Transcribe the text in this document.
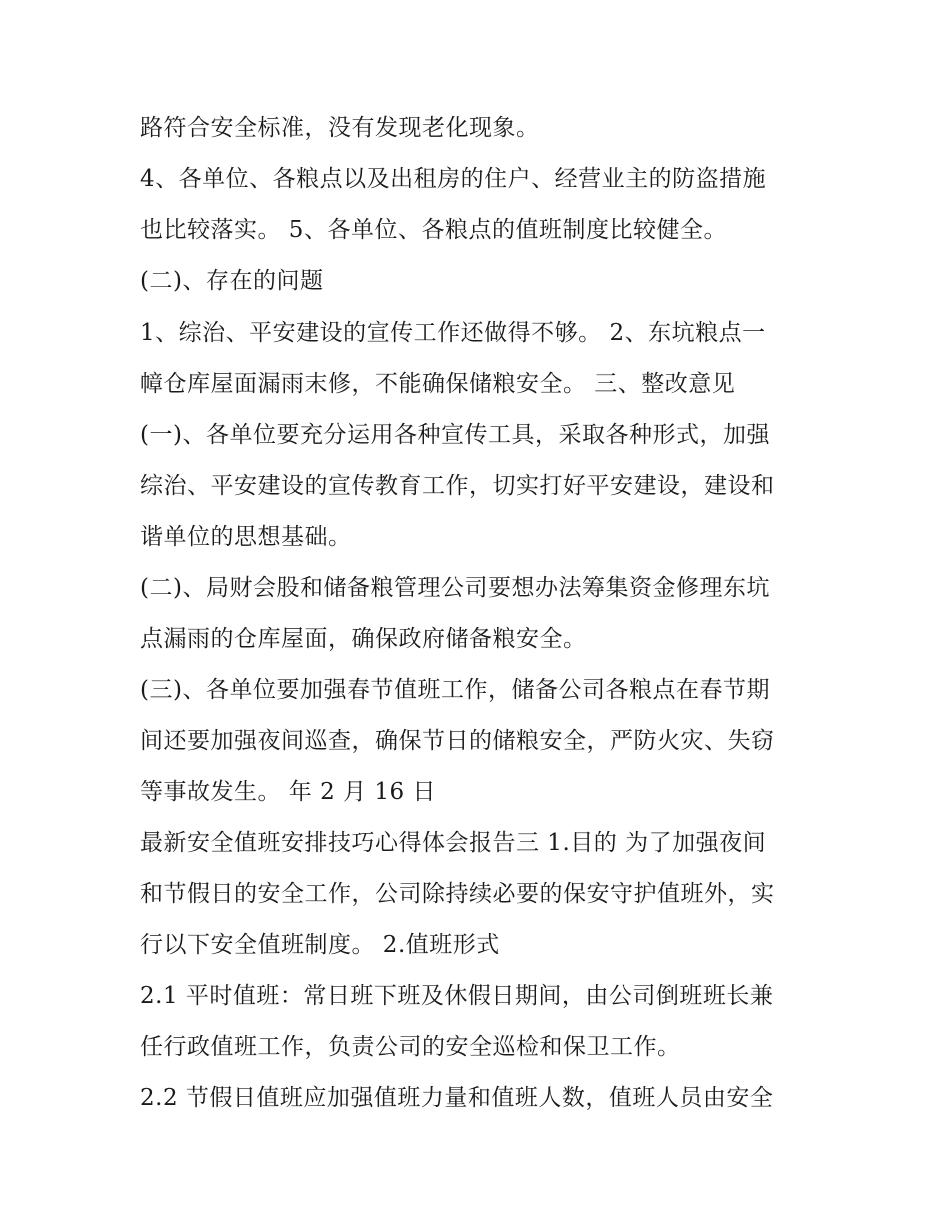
路符合安全标准，没有发现老化现象。
4、各单位、各粮点以及出租房的住户、经营业主的防盗措施
也比较落实。 5、各单位、各粮点的值班制度比较健全。
(二)、存在的问题
1、综治、平安建设的宣传工作还做得不够。 2、东坑粮点一
幛仓库屋面漏雨末修，不能确保储粮安全。 三、整改意见
(一)、各单位要充分运用各种宣传工具，采取各种形式，加强
综治、平安建设的宣传教育工作，切实打好平安建设，建设和
谐单位的思想基础。
(二)、局财会股和储备粮管理公司要想办法筹集资金修理东坑
点漏雨的仓库屋面，确保政府储备粮安全。
(三)、各单位要加强春节值班工作，储备公司各粮点在春节期
间还要加强夜间巡查，确保节日的储粮安全，严防火灾、失窃
等事故发生。 年 2 月 16 日
最新安全值班安排技巧心得体会报告三 1.目的 为了加强夜间
和节假日的安全工作，公司除持续必要的保安守护值班外，实
行以下安全值班制度。 2.值班形式
2.1 平时值班：常日班下班及休假日期间，由公司倒班班长兼
任行政值班工作，负责公司的安全巡检和保卫工作。
2.2 节假日值班应加强值班力量和值班人数，值班人员由安全
